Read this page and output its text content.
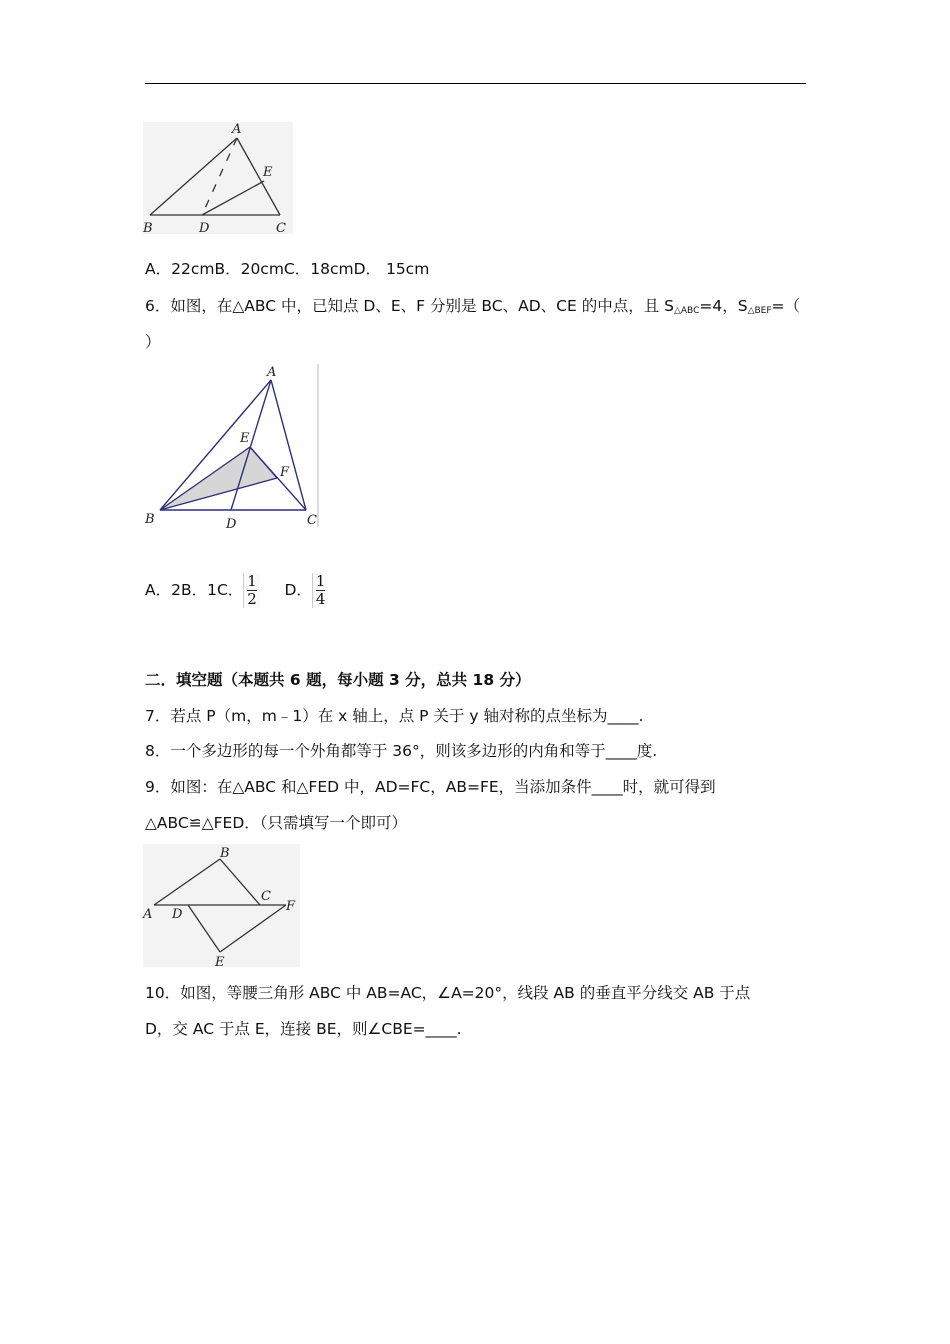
A
B	C
D
E
A．22cmB．20cmC．18cmD． 15cm
6．如图，在△ABC 中，已知点 D、E、F 分别是 BC、AD、CE 的中点，且 $S_{\triangle ABC}=4$，$S_{\triangle BEF}=$（
）
A
B	C
D
E
F
A．2B．1C． $\frac{1}{2}$ D． $\frac{1}{4}$
二．填空题（本题共 6 题，每小题 3 分，总共 18 分）
7．若点 P（m，m﹣1）在 x 轴上，点 P 关于 y 轴对称的点坐标为____.
8．一个多边形的每一个外角都等于 36°，则该多边形的内角和等于____度.
9．如图：在△ABC 和△FED 中，AD=FC，AB=FE，当添加条件____时，就可得到
△ABC≌△FED．（只需填写一个即可）
B
A D
C
F
E
10．如图，等腰三角形 ABC 中 AB=AC，∠A=20°，线段 AB 的垂直平分线交 AB 于点
D，交 AC 于点 E，连接 BE，则∠CBE=____.
